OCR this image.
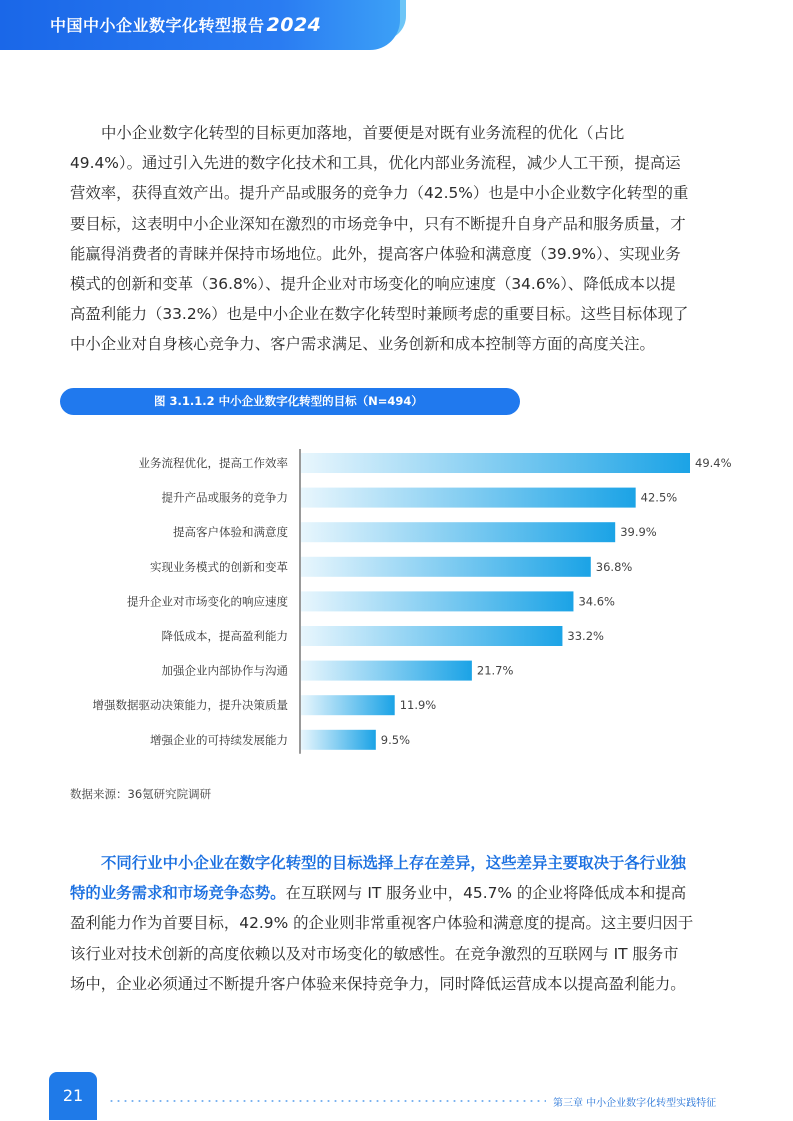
中国中小企业数字化转型报告 2024
中小企业数字化转型的目标更加落地，首要便是对既有业务流程的优化（占比
49.4%）。通过引入先进的数字化技术和工具，优化内部业务流程，减少人工干预，提高运
营效率，获得直效产出。提升产品或服务的竞争力（42.5%）也是中小企业数字化转型的重
要目标，这表明中小企业深知在激烈的市场竞争中，只有不断提升自身产品和服务质量，才
能赢得消费者的青睐并保持市场地位。此外，提高客户体验和满意度（39.9%）、实现业务
模式的创新和变革（36.8%）、提升企业对市场变化的响应速度（34.6%）、降低成本以提
高盈利能力（33.2%）也是中小企业在数字化转型时兼顾考虑的重要目标。这些目标体现了
中小企业对自身核心竞争力、客户需求满足、业务创新和成本控制等方面的高度关注。
图 3.1.1.2 中小企业数字化转型的目标（N=494）
业务流程优化，提高工作效率	49.4%
提升产品或服务的竞争力	42.5%
提高客户体验和满意度	39.9%
实现业务模式的创新和变革	36.8%
提升企业对市场变化的响应速度	34.6%
降低成本，提高盈利能力	33.2%
加强企业内部协作与沟通	21.7%
增强数据驱动决策能力，提升决策质量	11.9%
增强企业的可持续发展能力	9.5%
数据来源：36氪研究院调研
不同行业中小企业在数字化转型的目标选择上存在差异，这些差异主要取决于各行业独
特的业务需求和市场竞争态势。在互联网与 IT 服务业中，45.7% 的企业将降低成本和提高
盈利能力作为首要目标，42.9% 的企业则非常重视客户体验和满意度的提高。这主要归因于
该行业对技术创新的高度依赖以及对市场变化的敏感性。在竞争激烈的互联网与 IT 服务市
场中，企业必须通过不断提升客户体验来保持竞争力，同时降低运营成本以提高盈利能力。
21	第三章 中小企业数字化转型实践特征
